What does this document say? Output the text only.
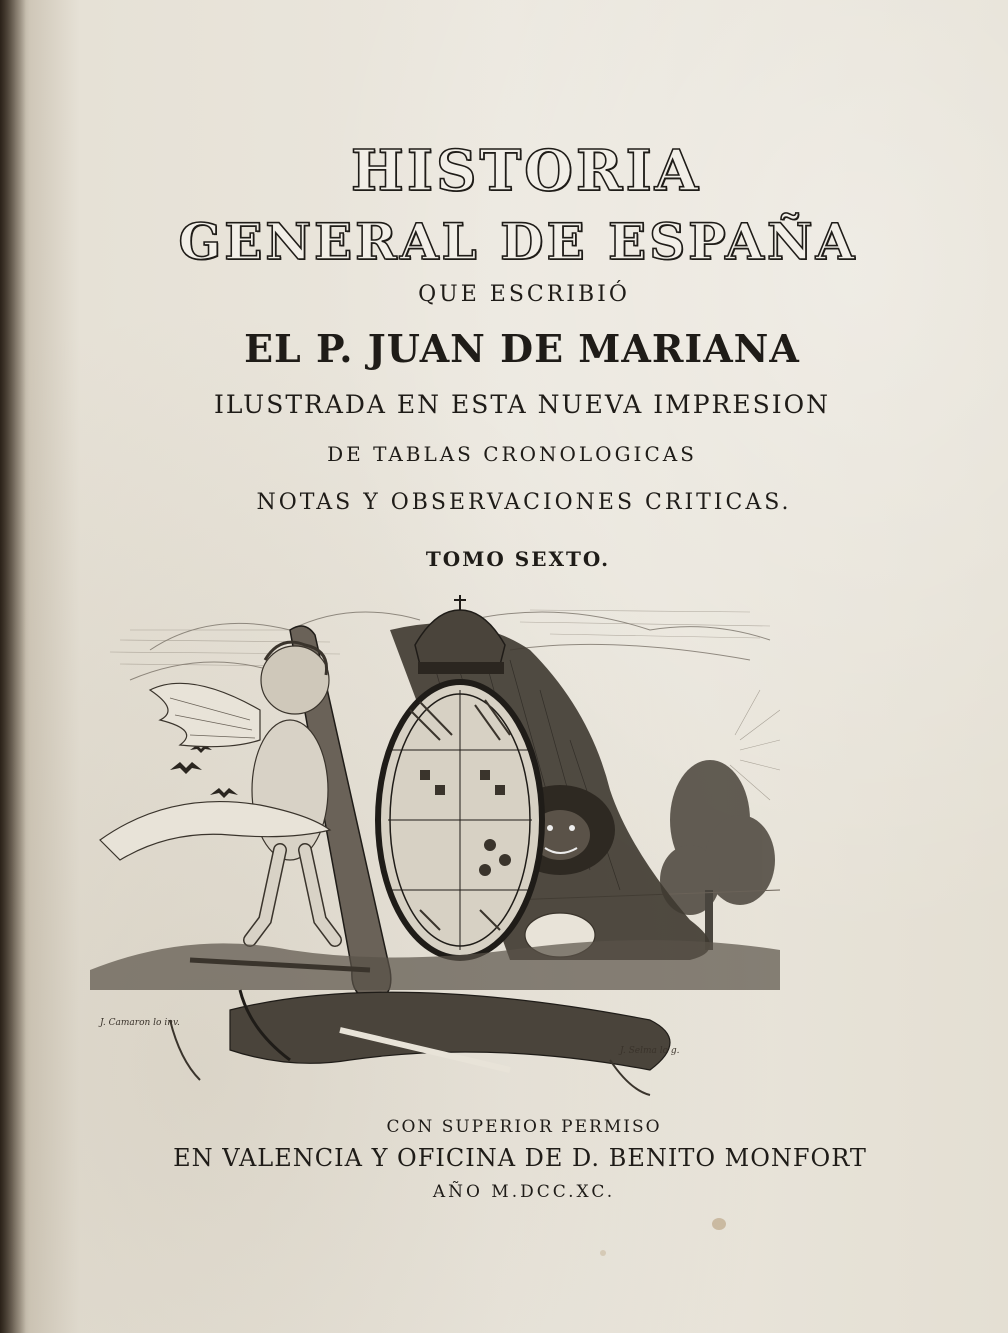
HISTORIA
GENERAL DE ESPAÑA
QUE ESCRIBIÓ
EL P. JUAN DE MARIANA
ILUSTRADA EN ESTA NUEVA IMPRESION
DE TABLAS CRONOLOGICAS
NOTAS Y OBSERVACIONES CRITICAS.
TOMO SEXTO.
J. Camaron lo inv.
J. Selma lo g.
CON SUPERIOR PERMISO
EN VALENCIA Y OFICINA DE D. BENITO MONFORT
AÑO M.DCC.XC.
